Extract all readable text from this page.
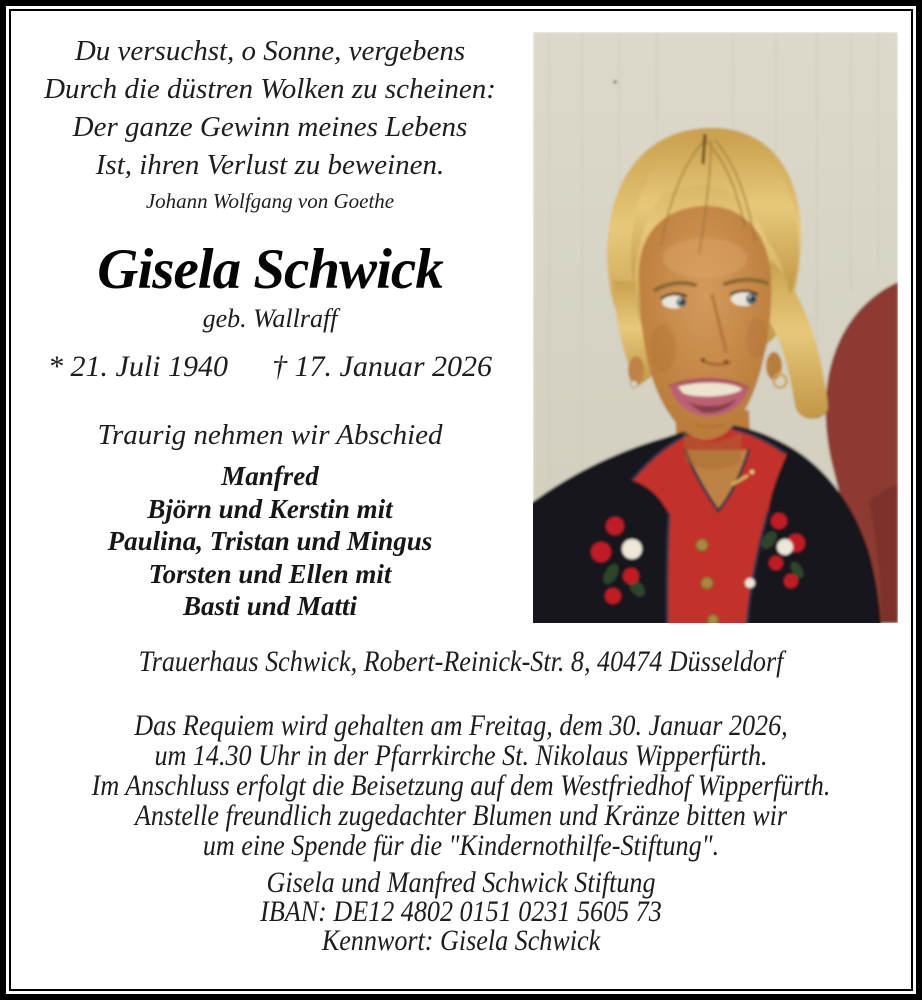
Du versuchst, o Sonne, vergebens
Durch die düstren Wolken zu scheinen:
Der ganze Gewinn meines Lebens
Ist, ihren Verlust zu beweinen.
Johann Wolfgang von Goethe
Gisela Schwick
geb. Wallraff
* 21. Juli 1940 † 17. Januar 2026
Traurig nehmen wir Abschied
Manfred
Björn und Kerstin mit
Paulina, Tristan und Mingus
Torsten und Ellen mit
Basti und Matti
Trauerhaus Schwick, Robert-Reinick-Str. 8, 40474 Düsseldorf
Das Requiem wird gehalten am Freitag, dem 30. Januar 2026,
um 14.30 Uhr in der Pfarrkirche St. Nikolaus Wipperfürth.
Im Anschluss erfolgt die Beisetzung auf dem Westfriedhof Wipperfürth.
Anstelle freundlich zugedachter Blumen und Kränze bitten wir
um eine Spende für die "Kindernothilfe-Stiftung".
Gisela und Manfred Schwick Stiftung
IBAN: DE12 4802 0151 0231 5605 73
Kennwort: Gisela Schwick
